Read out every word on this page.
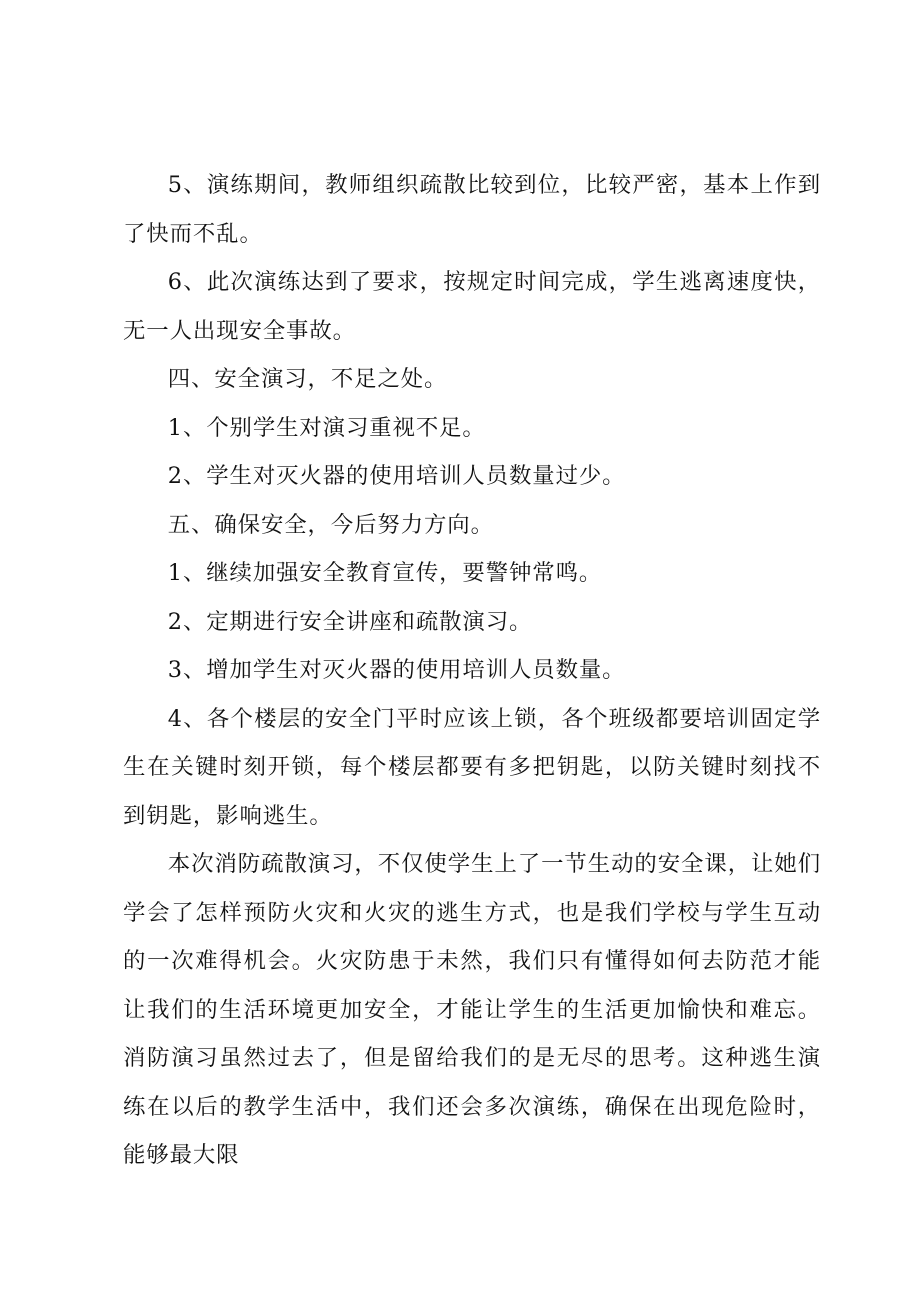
5、演练期间，教师组织疏散比较到位，比较严密，基本上作到了快而不乱。

6、此次演练达到了要求，按规定时间完成，学生逃离速度快，无一人出现安全事故。

四、安全演习，不足之处。

1、个别学生对演习重视不足。

2、学生对灭火器的使用培训人员数量过少。

五、确保安全，今后努力方向。

1、继续加强安全教育宣传，要警钟常鸣。

2、定期进行安全讲座和疏散演习。

3、增加学生对灭火器的使用培训人员数量。

4、各个楼层的安全门平时应该上锁，各个班级都要培训固定学生在关键时刻开锁，每个楼层都要有多把钥匙，以防关键时刻找不到钥匙，影响逃生。

本次消防疏散演习，不仅使学生上了一节生动的安全课，让她们学会了怎样预防火灾和火灾的逃生方式，也是我们学校与学生互动的一次难得机会。火灾防患于未然，我们只有懂得如何去防范才能让我们的生活环境更加安全，才能让学生的生活更加愉快和难忘。消防演习虽然过去了，但是留给我们的是无尽的思考。这种逃生演练在以后的教学生活中，我们还会多次演练，确保在出现危险时，能够最大限
